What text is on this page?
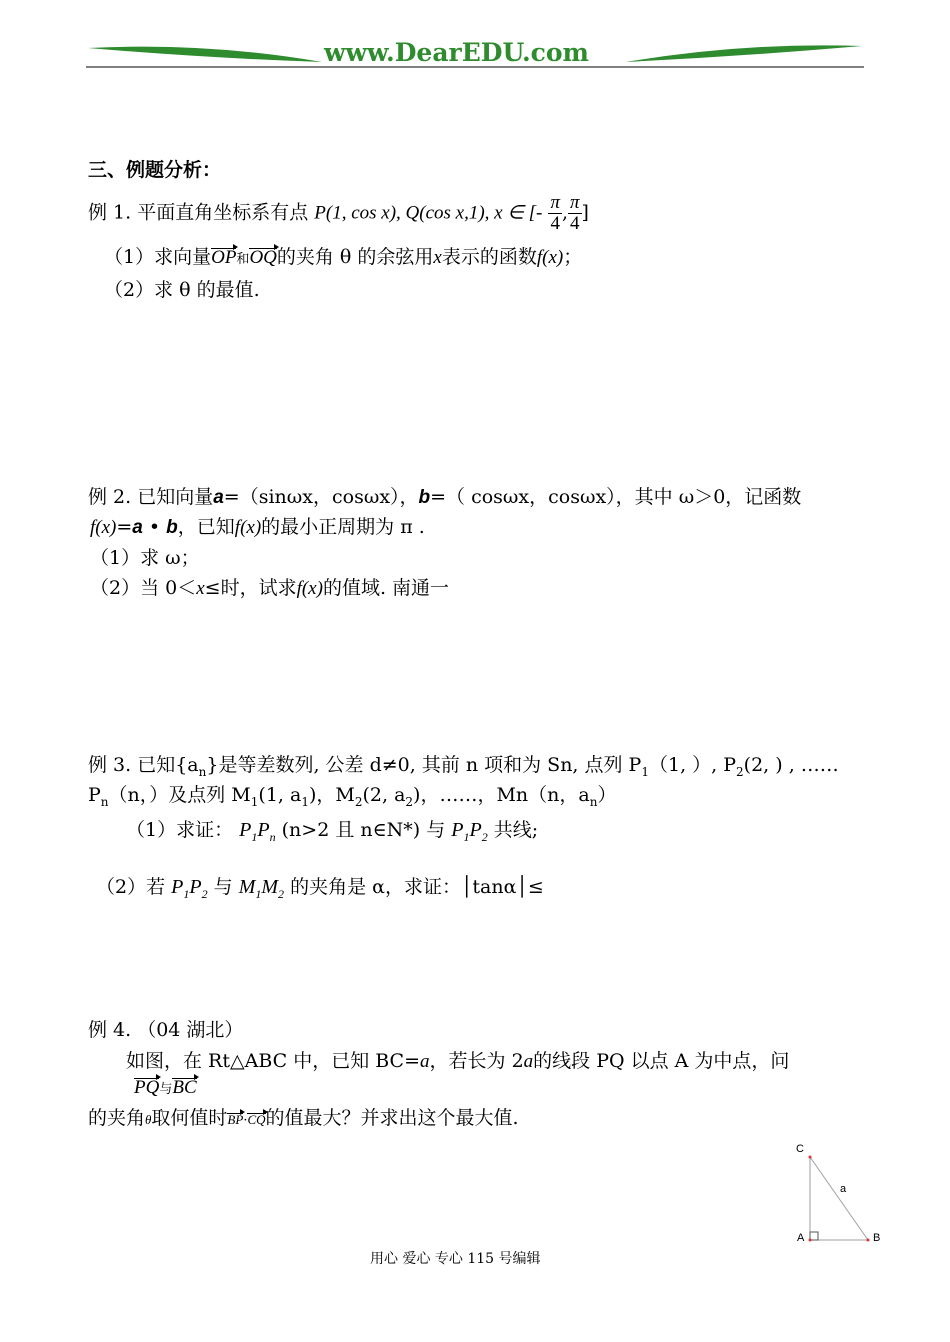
www.DearEDU.com
三、例题分析：
例 1. 平面直角坐标系有点 P(1, cos x), Q(cos x,1), x ∈ [- $\frac{\pi}{4}$ , $\frac{\pi}{4}$ ]
（1）求向量OP和OQ的夹角 θ 的余弦用x表示的函数f(x)；
（2）求 θ 的最值.
例 2. 已知向量a=（sinωx，cosωx），b=（ cosωx，cosωx），其中 ω＞0，记函数
f(x)=a • b，已知f(x)的最小正周期为 π .
（1）求 ω；
（2）当 0＜x≤时，试求f(x)的值域. 南通一
例 3. 已知$\{a_n\}$是等差数列, 公差 d≠0, 其前 n 项和为 Sn, 点列 $P_1(1$, ）, $P_2(2$, ) , ……
$P_n(n$，）及点列 $M_1(1$, $a_1$)，$M_2(2$, $a_2$)，……，Mn（n，$a_n$）
（1）求证： $P_1P_n$ (n>2 且 n∈N*) 与 $P_1P_2$ 共线;
（2）若 $P_1P_2$ 与 $M_1M_2$ 的夹角是 α，求证：│tanα│≤
例 4. （04 湖北）
如图，在 Rt△ABC 中，已知 BC=a，若长为 2a的线段 PQ 以点 A 为中点，问
PQ与BC
的夹角θ取何值时BP·CQ的值最大？并求出这个最大值.
C
a
A	B
用心 爱心 专心 115 号编辑
